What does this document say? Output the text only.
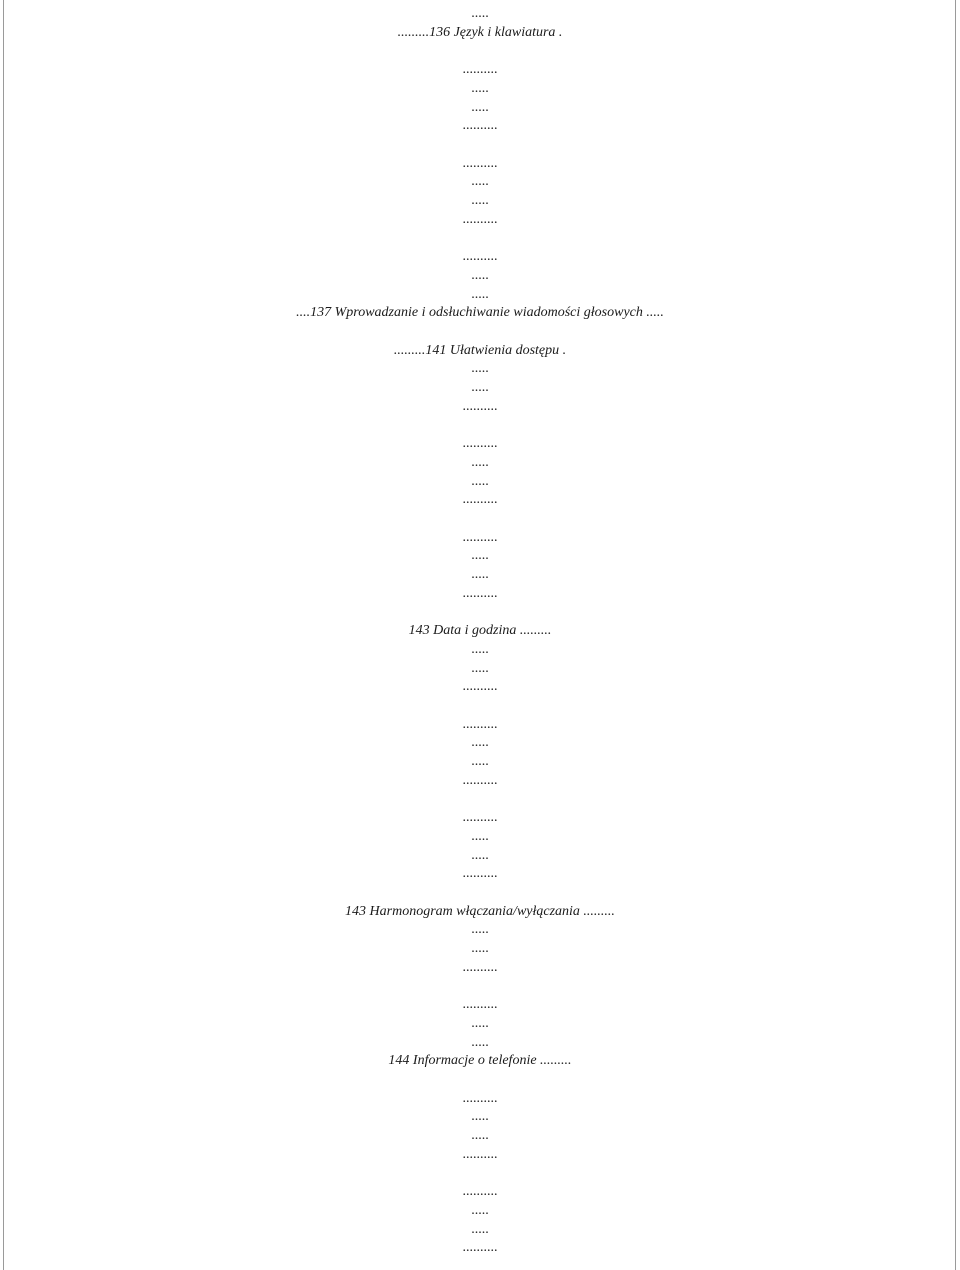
.....
.........136 Język i klawiatura .
..........
.....
.....
..........
..........
.....
.....
..........
..........
.....
.....
....137 Wprowadzanie i odsłuchiwanie wiadomości głosowych .....
.........141 Ułatwienia dostępu .
.....
.....
..........
..........
.....
.....
..........
..........
.....
.....
..........
143 Data i godzina .........
.....
.....
..........
..........
.....
.....
..........
..........
.....
.....
..........
143 Harmonogram włączania/wyłączania .........
.....
.....
..........
..........
.....
.....
144 Informacje o telefonie .........
..........
.....
.....
..........
..........
.....
.....
..........
